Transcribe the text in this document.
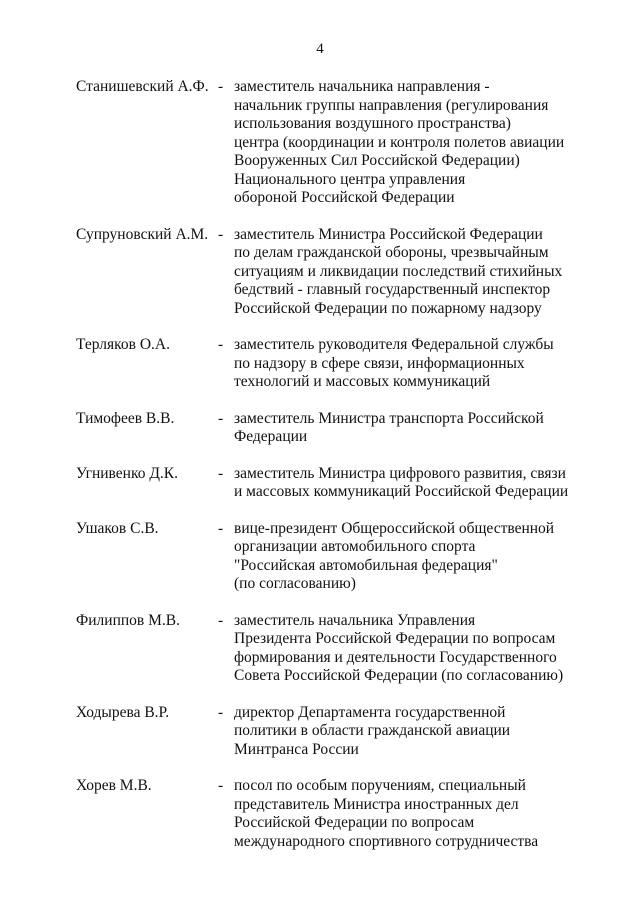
4
Станишевский А.Ф. - заместитель начальника направления -
начальник группы направления (регулирования
использования воздушного пространства)
центра (координации и контроля полетов авиации
Вооруженных Сил Российской Федерации)
Национального центра управления
обороной Российской Федерации
Супруновский А.М. - заместитель Министра Российской Федерации
по делам гражданской обороны, чрезвычайным
ситуациям и ликвидации последствий стихийных
бедствий - главный государственный инспектор
Российской Федерации по пожарному надзору
Терляков О.А.	- заместитель руководителя Федеральной службы
по надзору в сфере связи, информационных
технологий и массовых коммуникаций
Тимофеев В.В.	- заместитель Министра транспорта Российской
Федерации
Угнивенко Д.К.	- заместитель Министра цифрового развития, связи
и массовых коммуникаций Российской Федерации
Ушаков С.В.	- вице-президент Общероссийской общественной
организации автомобильного спорта
"Российская автомобильная федерация"
(по согласованию)
Филиппов М.В.	- заместитель начальника Управления
Президента Российской Федерации по вопросам
формирования и деятельности Государственного
Совета Российской Федерации (по согласованию)
Ходырева В.Р.	- директор Департамента государственной
политики в области гражданской авиации
Минтранса России
Хорев М.В.	- посол по особым поручениям, специальный
представитель Министра иностранных дел
Российской Федерации по вопросам
международного спортивного сотрудничества
